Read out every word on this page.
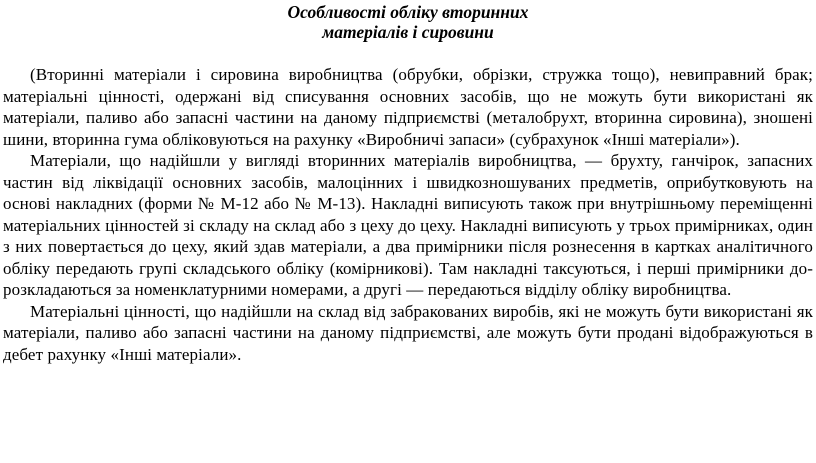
Особливості обліку вторинних

матеріалів і сировини

(Вторинні матеріали і сировина виробництва (обрубки, обрізки, стружка тощо), невиправний брак; матеріальні цінності, одержані від списування основних засобів, що не можуть бути використані як матеріали, паливо або запасні частини на даному підприємстві (металобрухт, вторинна сировина), зношені шини, вторинна гума обліковуються на рахунку «Виробничі запаси» (субрахунок «Інші матеріали»).

Матеріали, що надійшли у вигляді вторинних матеріалів виробництва, — брухту, ганчірок, запасних частин від ліквідації основних засобів, малоцінних і швидкозношуваних предметів, оприбутковують на основі накладних (форми № М-12 або № М-13). Накладні виписують також при внутрішньому переміщенні матеріальних цінностей зі складу на склад або з цеху до цеху. Накладні виписують у трьох примірниках, один з них повертається до цеху, який здав матеріали, а два примірники після рознесення в картках аналітичного обліку передають групі складського обліку (комірникові). Там накладні таксуються, і перші примірники до-розкладаються за номенклатурними номерами, а другі — передаються відділу обліку виробництва.

Матеріальні цінності, що надійшли на склад від забракованих виробів, які не можуть бути використані як матеріали, паливо або запасні частини на даному підприємстві, але можуть бути продані відображуються в дебет рахунку «Інші матеріали».
